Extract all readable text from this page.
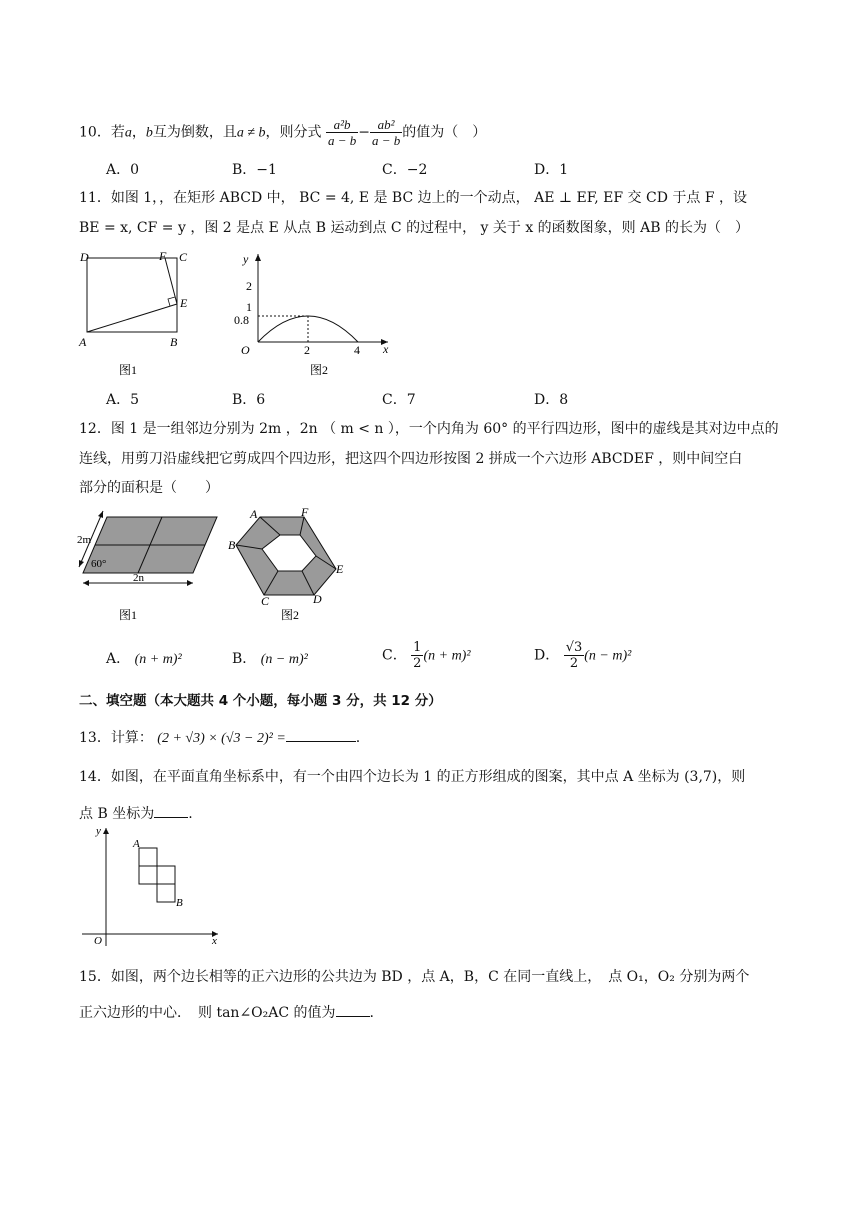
10．若a，b互为倒数，且a ≠ b，则分式 $\frac{\text{a²b}}{a - b} - \frac{\text{ab²}}{a - b}$ 的值为（　）
A．0	B．−1	C．−2	D．1
11．如图 1，，在矩形 ABCD 中， BC = 4, E 是 BC 边上的一个动点， AE ⊥ EF, EF 交 CD 于点 F ，设
BE = x, CF = y ，图 2 是点 E 从点 B 运动到点 C 的过程中， y 关于 x 的函数图象，则 AB 的长为（　）
D	F C
E
A	B
图1
y
x
O
2
1
0.8
2	4
图2
A．5	B．6	C．7	D．8
12．图 1 是一组邻边分别为 2m ，2n （ m < n ），一个内角为 60° 的平行四边形，图中的虚线是其对边中点的
连线，用剪刀沿虚线把它剪成四个四边形，把这四个四边形按图 2 拼成一个六边形 ABCDEF ，则中间空白
部分的面积是（　　）
2m
60°
2n
图1
A	F
B
E
C	D
图2
A． (n + m)²	B． (n − m)²	C． $\frac{1}{2} (n + m)^2$	D． $\frac{√3}{2} (n - m)^2$
二、填空题（本大题共 4 个小题，每小题 3 分，共 12 分）
13．计算： (2 + √3) × (√3 − 2)² =	.
14．如图，在平面直角坐标系中，有一个由四个边长为 1 的正方形组成的图案，其中点 A 坐标为 (3,7)，则
点 B 坐标为 .
y
x
O
A
B
15．如图，两个边长相等的正六边形的公共边为 BD ，点 A，B，C 在同一直线上，　点 O₁，O₂ 分别为两个
正六边形的中心．　则 tan∠O₂AC 的值为 .
